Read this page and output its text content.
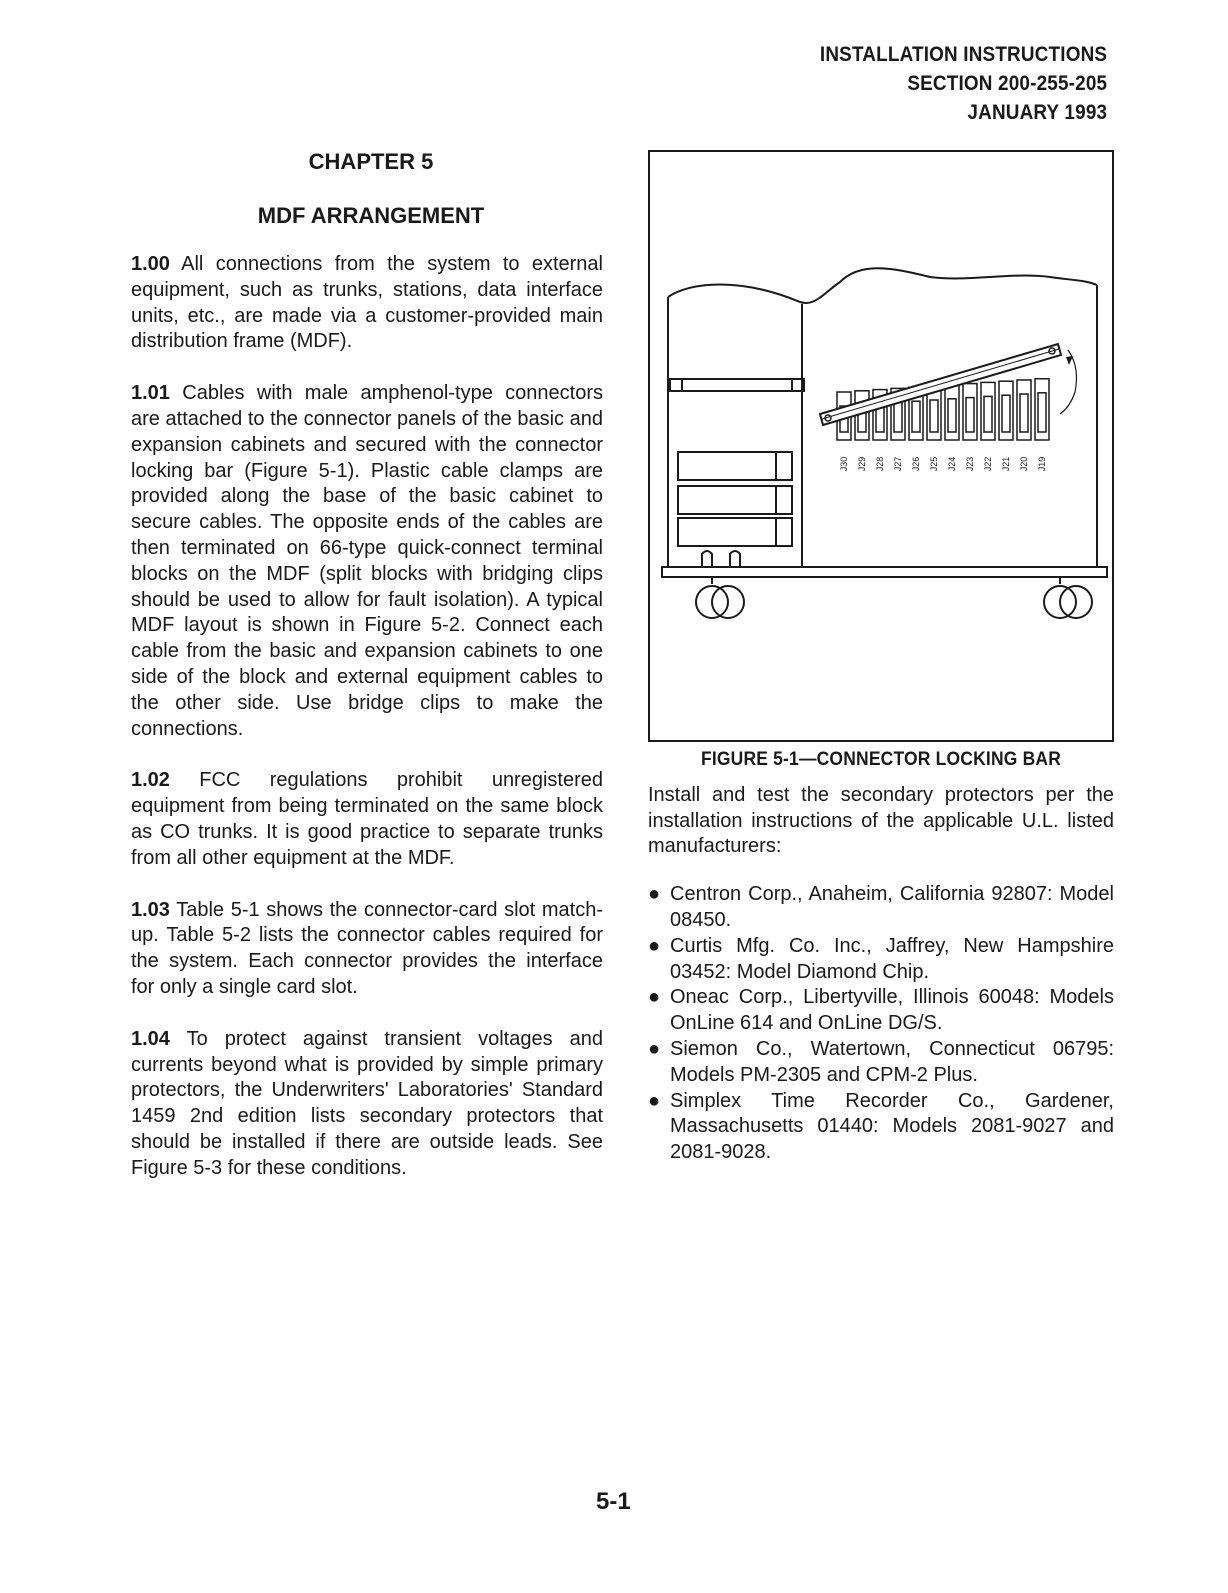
INSTALLATION INSTRUCTIONS
SECTION 200-255-205
JANUARY 1993
CHAPTER 5
MDF ARRANGEMENT

1.00 All connections from the system to external equipment, such as trunks, stations, data interface units, etc., are made via a customer-provided main distribution frame (MDF).

1.01 Cables with male amphenol-type connectors are attached to the connector panels of the basic and expansion cabinets and secured with the connector locking bar (Figure 5-1). Plastic cable clamps are provided along the base of the basic cabinet to secure cables. The opposite ends of the cables are then terminated on 66-type quick-connect terminal blocks on the MDF (split blocks with bridging clips should be used to allow for fault isolation). A typical MDF layout is shown in Figure 5-2. Connect each cable from the basic and expansion cabinets to one side of the block and external equipment cables to the other side. Use bridge clips to make the connections.

1.02 FCC regulations prohibit unregistered equipment from being terminated on the same block as CO trunks. It is good practice to separate trunks from all other equipment at the MDF.

1.03 Table 5-1 shows the connector-card slot match-up. Table 5-2 lists the connector cables required for the system. Each connector provides the interface for only a single card slot.

1.04 To protect against transient voltages and currents beyond what is provided by simple primary protectors, the Underwriters' Laboratories' Standard 1459 2nd edition lists secondary protectors that should be installed if there are outside leads. See Figure 5-3 for these conditions.

J30 J29 J28 J27 J26 J25 J24 J23 J22 J21 J20 J19
FIGURE 5-1—CONNECTOR LOCKING BAR

Install and test the secondary protectors per the installation instructions of the applicable U.L. listed manufacturers:

● Centron Corp., Anaheim, California 92807: Model 08450.
● Curtis Mfg. Co. Inc., Jaffrey, New Hampshire 03452: Model Diamond Chip.
● Oneac Corp., Libertyville, Illinois 60048: Models OnLine 614 and OnLine DG/S.
● Siemon Co., Watertown, Connecticut 06795: Models PM-2305 and CPM-2 Plus.
● Simplex Time Recorder Co., Gardener, Massachusetts 01440: Models 2081-9027 and 2081-9028.
5-1
